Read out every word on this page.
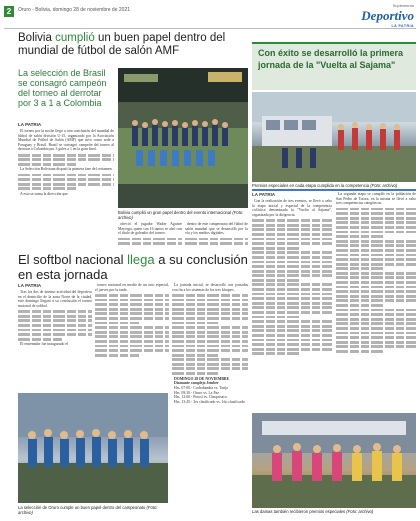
2	Oruro - Bolivia, domingo 28 de noviembre de 2021
Suplemento
Deportivo
LA PATRIA
Bolivia cumplió un buen papel dentro del mundial de fútbol de salón AMF
La selección de Brasil se consagró campeón del torneo al derrotar por 3 a 1 a Colombia
LA PATRIA

El torneo por la noche llegó a otra conclusión del mundial de fútbol de salón división U-15, organizado por la Asociación Mundial de Fútbol de Salón (AMF) que tuvo como sede a Paraguay y Brasil. Brasil se consagró campeón del torneo al derrotar a Colombia por 3 goles a 1 en la gran final.

La Selección Boliviana disputó la primera fase del certamen.

A esto se suma la dirección que

Bolivia cumplió un gran papel dentro del evento internacional (Foto: archivo)

ofreció el jugador Walter Aguirre Mayorga, quien con 16 tantos se alzó con el título de goleador del torneo.

dentro de este campeonato del fútbol de salón mundial que se desarrolló por la vía y los medios digitales.

Con éxito se desarrolló la primera jornada de la "Vuelta al Sajama"
Premios especiales en cada etapa cumplida en la competencia (Foto: archivo)
LA PATRIA

Con la realización de tres eventos, se llevó a cabo la etapa inicial y especial de la competencia ciclística denominada la "Vuelta al Sajama", organizada por la dirigencia.

La segunda etapa se cumplió en la población de San Pedro de Totora, en la misma se llevó a cabo tres competencias categóricas.

Las damas también recibieron premios especiales (Foto: archivo)
El softbol nacional llega a su conclusión en esta jornada
LA PATRIA

Tras los dos de intenso actividad del deportivo en el domicilio de la zona Norte de la ciudad, este domingo llegará a su conclusión el torneo nacional de softbol.

El entrenador fue inaugurado el

torneo nacional en medio de un acto especial, el jueves por la tarde.

La jornada inicial, se desarrolló con jornadas con fin a los sistemas de los tres bloques.

DOMINGO 28 DE NOVIEMBRE

Diamante complejo Jember

Hrs. 07:00.- Cochabamba vs. Tarija

Hrs. 09:30.- Oruro vs. La Paz

Hrs. 12:00.- Potosí vs. Chuquisaca

Hrs. 13:45.- 3er clasificado vs. 1do clasificado

La selección de Oruro cumple un buen papel dentro del campeonato (Foto: archivo)
